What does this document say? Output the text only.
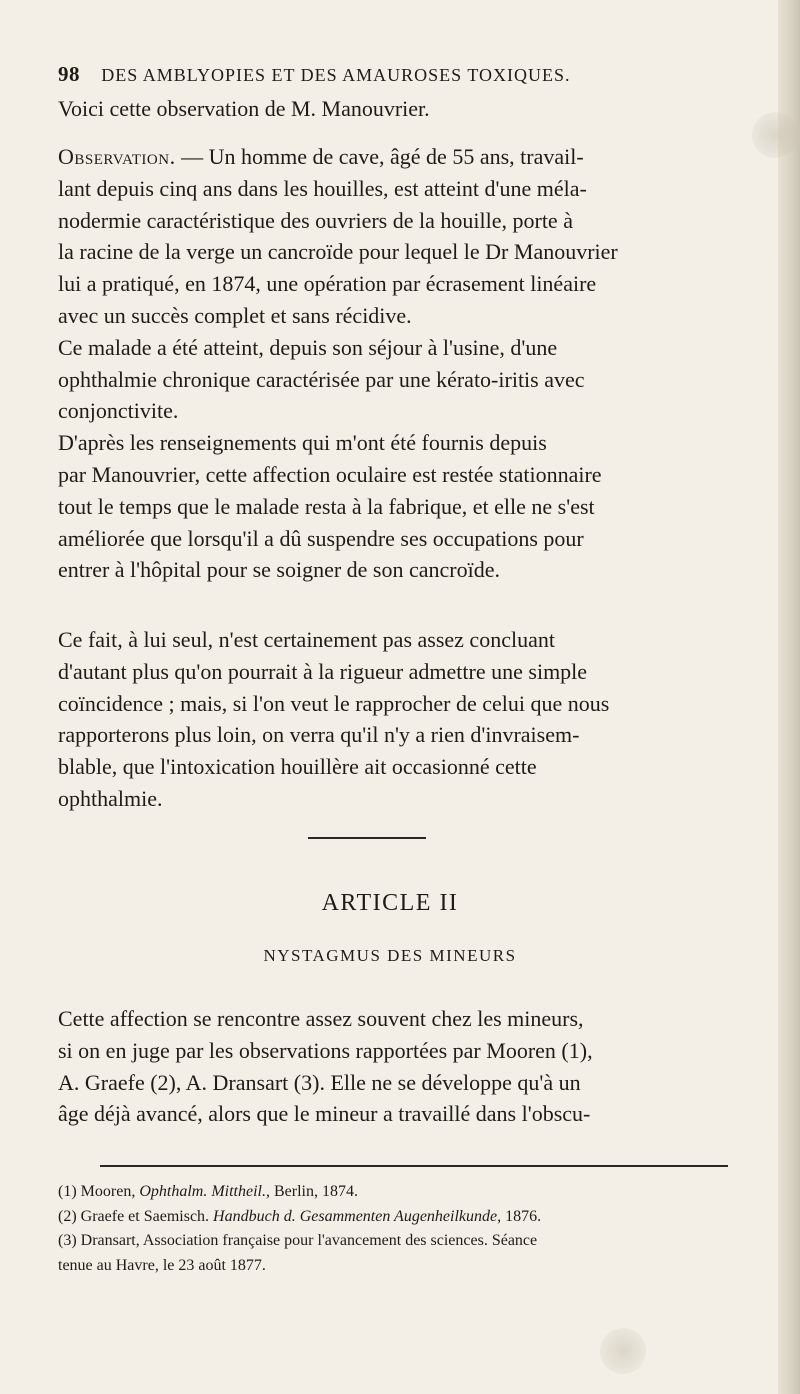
98 DES AMBLYOPIES ET DES AMAUROSES TOXIQUES.

Voici cette observation de M. Manouvrier.

Observation. — Un homme de cave, âgé de 55 ans, travail-

lant depuis cinq ans dans les houilles, est atteint d'une méla-

nodermie caractéristique des ouvriers de la houille, porte à

la racine de la verge un cancroïde pour lequel le Dr Manouvrier

lui a pratiqué, en 1874, une opération par écrasement linéaire

avec un succès complet et sans récidive.

Ce malade a été atteint, depuis son séjour à l'usine, d'une

ophthalmie chronique caractérisée par une kérato-iritis avec

conjonctivite.

D'après les renseignements qui m'ont été fournis depuis

par Manouvrier, cette affection oculaire est restée stationnaire

tout le temps que le malade resta à la fabrique, et elle ne s'est

améliorée que lorsqu'il a dû suspendre ses occupations pour

entrer à l'hôpital pour se soigner de son cancroïde.

Ce fait, à lui seul, n'est certainement pas assez concluant

d'autant plus qu'on pourrait à la rigueur admettre une simple

coïncidence ; mais, si l'on veut le rapprocher de celui que nous

rapporterons plus loin, on verra qu'il n'y a rien d'invraisem-

blable, que l'intoxication houillère ait occasionné cette

ophthalmie.

ARTICLE II
NYSTAGMUS DES MINEURS

Cette affection se rencontre assez souvent chez les mineurs,

si on en juge par les observations rapportées par Mooren (1),

A. Graefe (2), A. Dransart (3). Elle ne se développe qu'à un

âge déjà avancé, alors que le mineur a travaillé dans l'obscu-

(1) Mooren, Ophthalm. Mittheil., Berlin, 1874.

(2) Graefe et Saemisch. Handbuch d. Gesammenten Augenheilkunde, 1876.

(3) Dransart, Association française pour l'avancement des sciences. Séance

tenue au Havre, le 23 août 1877.
